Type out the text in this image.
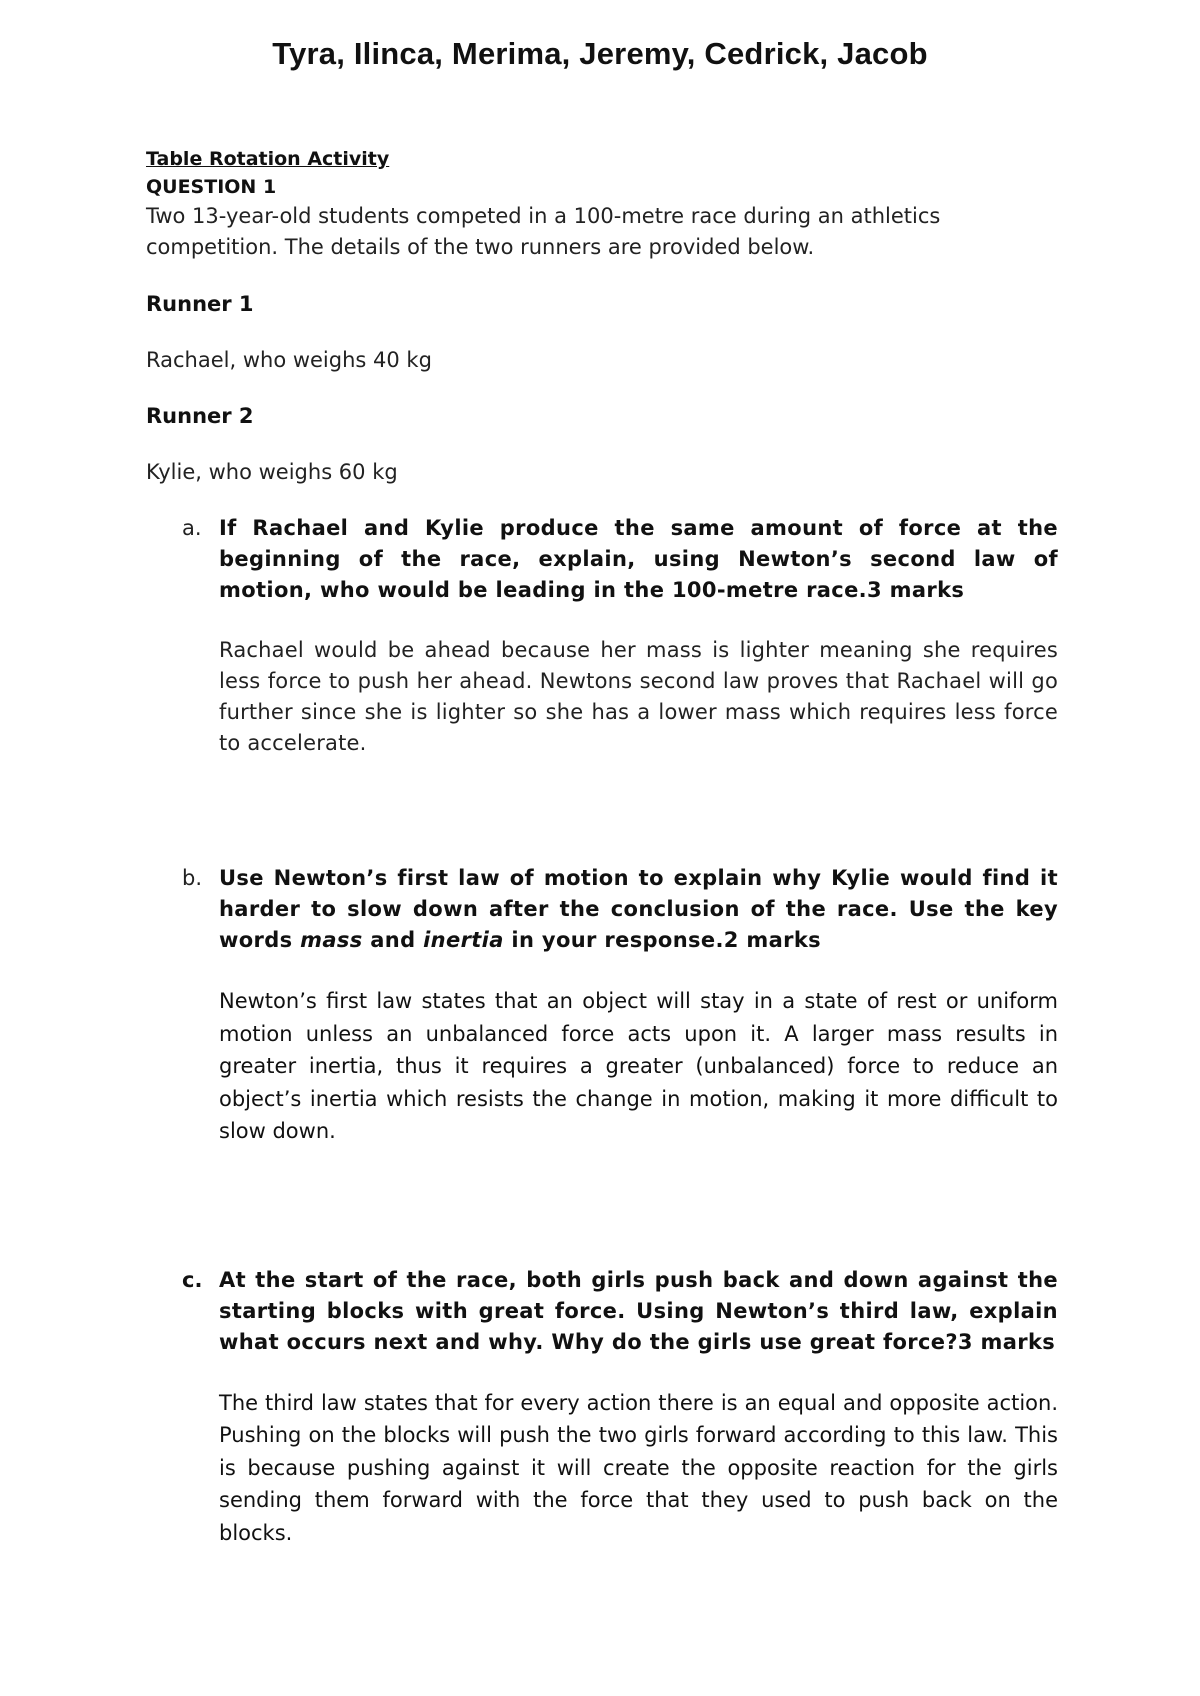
Tyra, Ilinca, Merima, Jeremy, Cedrick, Jacob
Table Rotation Activity
QUESTION 1

Two 13-year-old students competed in a 100-metre race during an athletics competition. The details of the two runners are provided below.

Runner 1
Rachael, who weighs 40 kg
Runner 2
Kylie, who weighs 60 kg
a. If Rachael and Kylie produce the same amount of force at the beginning of the race, explain, using Newton’s second law of motion, who would be leading in the 100-metre race.3 marks
Rachael would be ahead because her mass is lighter meaning she requires less force to push her ahead. Newtons second law proves that Rachael will go further since she is lighter so she has a lower mass which requires less force to accelerate.
b. Use Newton’s first law of motion to explain why Kylie would find it harder to slow down after the conclusion of the race. Use the key words mass and inertia in your response.2 marks
Newton’s first law states that an object will stay in a state of rest or uniform motion unless an unbalanced force acts upon it. A larger mass results in greater inertia, thus it requires a greater (unbalanced) force to reduce an object’s inertia which resists the change in motion, making it more difficult to slow down.
c. At the start of the race, both girls push back and down against the starting blocks with great force. Using Newton’s third law, explain what occurs next and why. Why do the girls use great force?3 marks
The third law states that for every action there is an equal and opposite action. Pushing on the blocks will push the two girls forward according to this law. This is because pushing against it will create the opposite reaction for the girls sending them forward with the force that they used to push back on the blocks.
